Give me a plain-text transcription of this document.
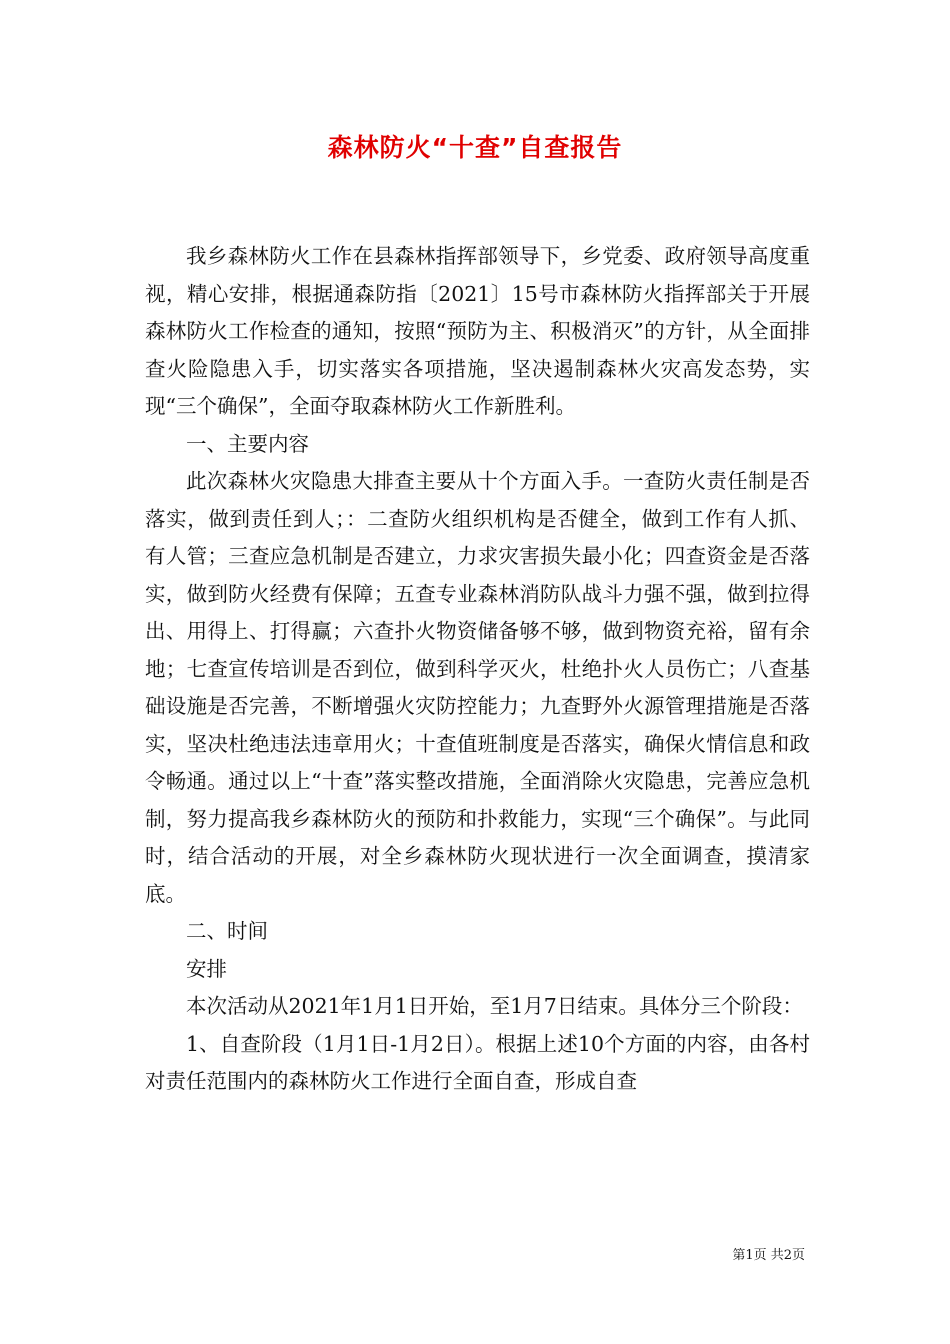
森林防火“十查”自查报告

我乡森林防火工作在县森林指挥部领导下，乡党委、政府领导高度重视，精心安排，根据通森防指〔2021〕15号市森林防火指挥部关于开展森林防火工作检查的通知，按照“预防为主、积极消灭”的方针，从全面排查火险隐患入手，切实落实各项措施，坚决遏制森林火灾高发态势，实现“三个确保”，全面夺取森林防火工作新胜利。

一、主要内容

此次森林火灾隐患大排查主要从十个方面入手。一查防火责任制是否落实，做到责任到人；：二查防火组织机构是否健全，做到工作有人抓、有人管；三查应急机制是否建立，力求灾害损失最小化；四查资金是否落实，做到防火经费有保障；五查专业森林消防队战斗力强不强，做到拉得出、用得上、打得赢；六查扑火物资储备够不够，做到物资充裕，留有余地；七查宣传培训是否到位，做到科学灭火，杜绝扑火人员伤亡；八查基础设施是否完善，不断增强火灾防控能力；九查野外火源管理措施是否落实，坚决杜绝违法违章用火；十查值班制度是否落实，确保火情信息和政令畅通。通过以上“十查”落实整改措施，全面消除火灾隐患，完善应急机制，努力提高我乡森林防火的预防和扑救能力，实现“三个确保”。与此同时，结合活动的开展，对全乡森林防火现状进行一次全面调查，摸清家底。

二、时间

安排

本次活动从2021年1月1日开始，至1月7日结束。具体分三个阶段：

1、自查阶段（1月1日-1月2日）。根据上述10个方面的内容，由各村对责任范围内的森林防火工作进行全面自查，形成自查

第1页 共2页
